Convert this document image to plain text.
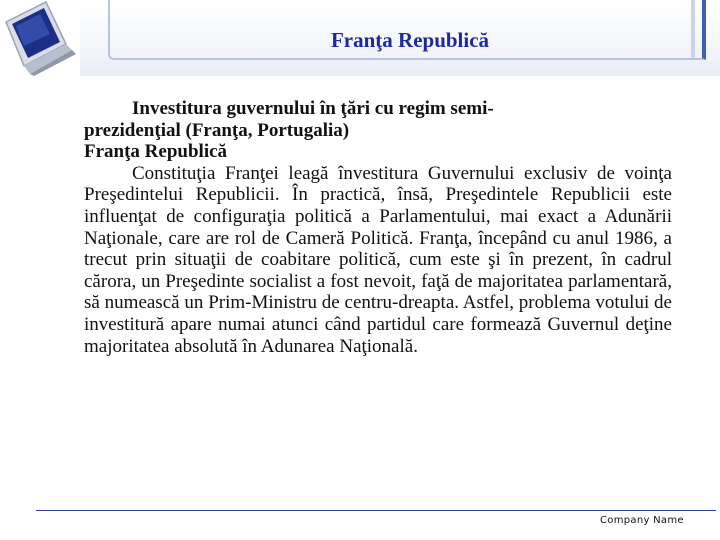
Franţa Republică
Investitura guvernului în ţări cu regim semi-
prezidenţial (Franţa, Portugalia)
Franţa Republică

Constituţia Franţei leagă învestitura Guvernului exclusiv de voinţa Preşedintelui Republicii. În practică, însă, Preşedintele Republicii este influenţat de configuraţia politică a Parlamentului, mai exact a Adunării Naţionale, care are rol de Cameră Politică. Franţa, începând cu anul 1986, a trecut prin situaţii de coabitare politică, cum este şi în prezent, în cadrul cărora, un Preşedinte socialist a fost nevoit, faţă de majoritatea parlamentară, să numească un Prim-Ministru de centru-dreapta. Astfel, problema votului de investitură apare numai atunci când partidul care formează Guvernul deţine majoritatea absolută în Adunarea Naţională.

Company Name
